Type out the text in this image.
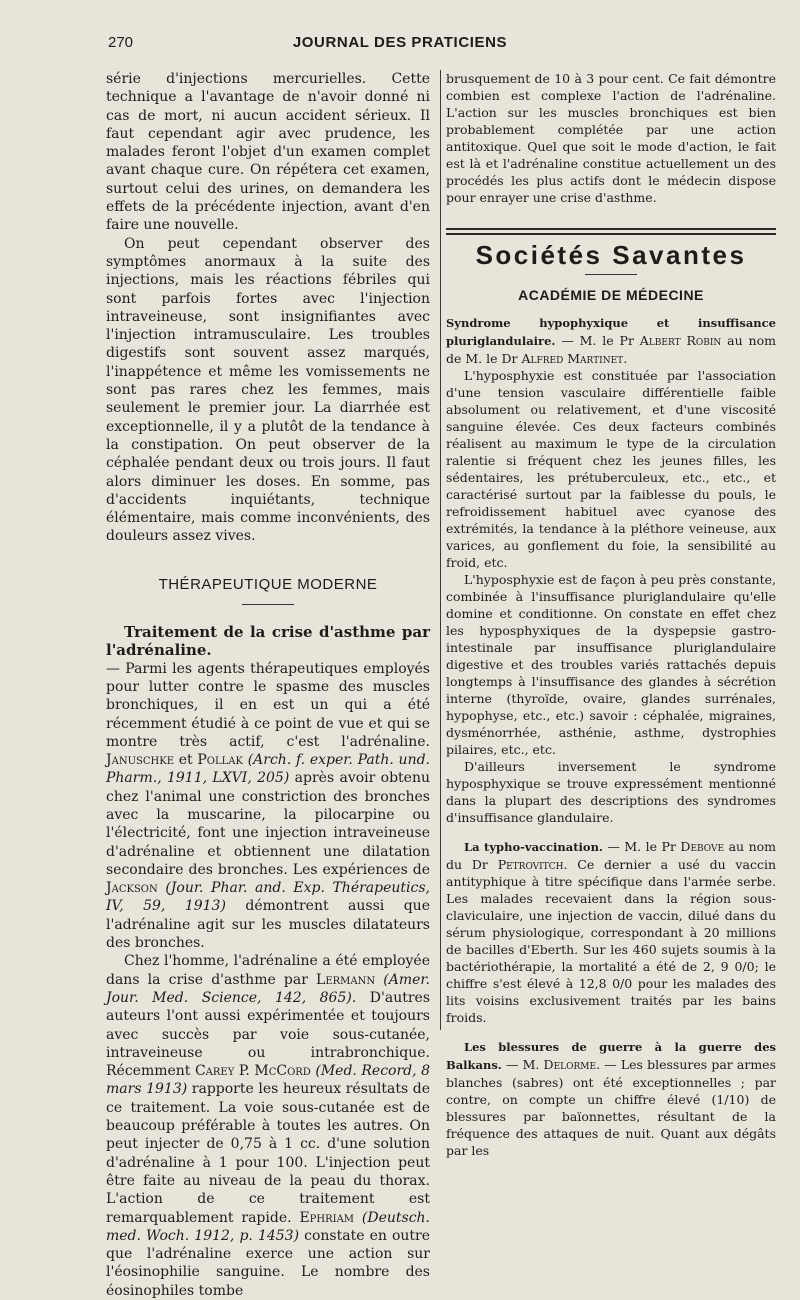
270	JOURNAL DES PRATICIENS

série d'injections mercurielles. Cette technique a l'avantage de n'avoir donné ni cas de mort, ni aucun accident sérieux. Il faut cependant agir avec prudence, les malades feront l'objet d'un examen complet avant chaque cure. On répétera cet examen, surtout celui des urines, on demandera les effets de la précédente injection, avant d'en faire une nouvelle.

On peut cependant observer des symptômes anormaux à la suite des injections, mais les réactions fébriles qui sont parfois fortes avec l'injection intraveineuse, sont insignifiantes avec l'injection intramusculaire. Les troubles digestifs sont souvent assez marqués, l'inappétence et même les vomissements ne sont pas rares chez les femmes, mais seulement le premier jour. La diarrhée est exceptionnelle, il y a plutôt de la tendance à la constipation. On peut observer de la céphalée pendant deux ou trois jours. Il faut alors diminuer les doses. En somme, pas d'accidents inquiétants, technique élémentaire, mais comme inconvénients, des douleurs assez vives.

THÉRAPEUTIQUE MODERNE

Traitement de la crise d'asthme par l'adrénaline.

— Parmi les agents thérapeutiques employés pour lutter contre le spasme des muscles bronchiques, il en est un qui a été récemment étudié à ce point de vue et qui se montre très actif, c'est l'adrénaline. Januschke et Pollak (Arch. f. exper. Path. und. Pharm., 1911, LXVI, 205) après avoir obtenu chez l'animal une constriction des bronches avec la muscarine, la pilocarpine ou l'électricité, font une injection intraveineuse d'adrénaline et obtiennent une dilatation secondaire des bronches. Les expériences de Jackson (Jour. Phar. and. Exp. Thérapeutics, IV, 59, 1913) démontrent aussi que l'adrénaline agit sur les muscles dilatateurs des bronches.

Chez l'homme, l'adrénaline a été employée dans la crise d'asthme par Lermann (Amer. Jour. Med. Science, 142, 865). D'autres auteurs l'ont aussi expérimentée et toujours avec succès par voie sous-cutanée, intraveineuse ou intrabronchique. Récemment Carey P. McCord (Med. Record, 8 mars 1913) rapporte les heureux résultats de ce traitement. La voie sous-cutanée est de beaucoup préférable à toutes les autres. On peut injecter de 0,75 à 1 cc. d'une solution d'adrénaline à 1 pour 100. L'injection peut être faite au niveau de la peau du thorax. L'action de ce traitement est remarquablement rapide. Ephriam (Deutsch. med. Woch. 1912, p. 1453) constate en outre que l'adrénaline exerce une action sur l'éosinophilie sanguine. Le nombre des éosinophiles tombe

brusquement de 10 à 3 pour cent. Ce fait démontre combien est complexe l'action de l'adrénaline. L'action sur les muscles bronchiques est bien probablement complétée par une action antitoxique. Quel que soit le mode d'action, le fait est là et l'adrénaline constitue actuellement un des procédés les plus actifs dont le médecin dispose pour enrayer une crise d'asthme.

Sociétés Savantes
ACADÉMIE DE MÉDECINE

Syndrome hypophyxique et insuffisance pluriglandulaire. — M. le Pr Albert Robin au nom de M. le Dr Alfred Martinet.

L'hyposphyxie est constituée par l'association d'une tension vasculaire différentielle faible absolument ou relativement, et d'une viscosité sanguine élevée. Ces deux facteurs combinés réalisent au maximum le type de la circulation ralentie si fréquent chez les jeunes filles, les sédentaires, les prétuberculeux, etc., etc., et caractérisé surtout par la faiblesse du pouls, le refroidissement habituel avec cyanose des extrémités, la tendance à la pléthore veineuse, aux varices, au gonflement du foie, la sensibilité au froid, etc.

L'hyposphyxie est de façon à peu près constante, combinée à l'insuffisance pluriglandulaire qu'elle domine et conditionne. On constate en effet chez les hyposphyxiques de la dyspepsie gastro-intestinale par insuffisance pluriglandulaire digestive et des troubles variés rattachés depuis longtemps à l'insuffisance des glandes à sécrétion interne (thyroïde, ovaire, glandes surrénales, hypophyse, etc., etc.) savoir : céphalée, migraines, dysménorrhée, asthénie, asthme, dystrophies pilaires, etc., etc.

D'ailleurs inversement le syndrome hyposphyxique se trouve expressément mentionné dans la plupart des descriptions des syndromes d'insuffisance glandulaire.

La typho-vaccination. — M. le Pr Debove au nom du Dr Petrovitch. Ce dernier a usé du vaccin antityphique à titre spécifique dans l'armée serbe. Les malades recevaient dans la région sous-claviculaire, une injection de vaccin, dilué dans du sérum physiologique, correspondant à 20 millions de bacilles d'Eberth. Sur les 460 sujets soumis à la bactériothérapie, la mortalité a été de 2, 9 0/0; le chiffre s'est élevé à 12,8 0/0 pour les malades des lits voisins exclusivement traités par les bains froids.

Les blessures de guerre à la guerre des Balkans. — M. Delorme. — Les blessures par armes blanches (sabres) ont été exceptionnelles ; par contre, on compte un chiffre élevé (1/10) de blessures par baïonnettes, résultant de la fréquence des attaques de nuit. Quant aux dégâts par les
